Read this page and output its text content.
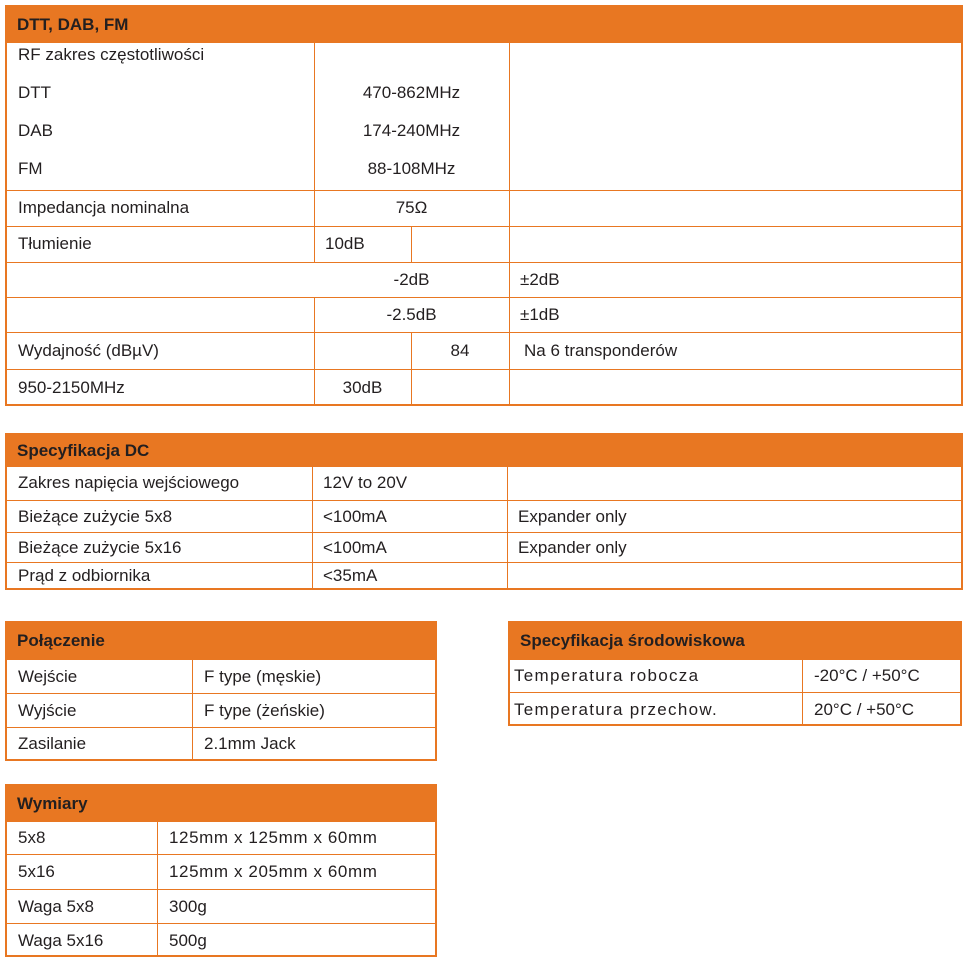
DTT, DAB, FM
RF zakres częstotliwości
DTT	470-862MHz
DAB	174-240MHz
FM	88-108MHz
Impedancja nominalna	75Ω
Tłumienie	10dB
-2dB	±2dB
-2.5dB	±1dB
Wydajność (dBµV)	84	Na 6 transponderów
950-2150MHz	30dB
Specyfikacja DC
Zakres napięcia wejściowego	12V to 20V
Bieżące zużycie 5x8	<100mA	Expander only
Bieżące zużycie 5x16	<100mA	Expander only
Prąd z odbiornika	<35mA
Połączenie
Wejście	F type (męskie)
Wyjście	F type (żeńskie)
Zasilanie	2.1mm Jack
Specyfikacja środowiskowa
Temperatura robocza	-20°C / +50°C
Temperatura przechow.	20°C / +50°C
Wymiary
5x8	125mm x 125mm x 60mm
5x16	125mm x 205mm x 60mm
Waga 5x8	300g
Waga 5x16	500g
